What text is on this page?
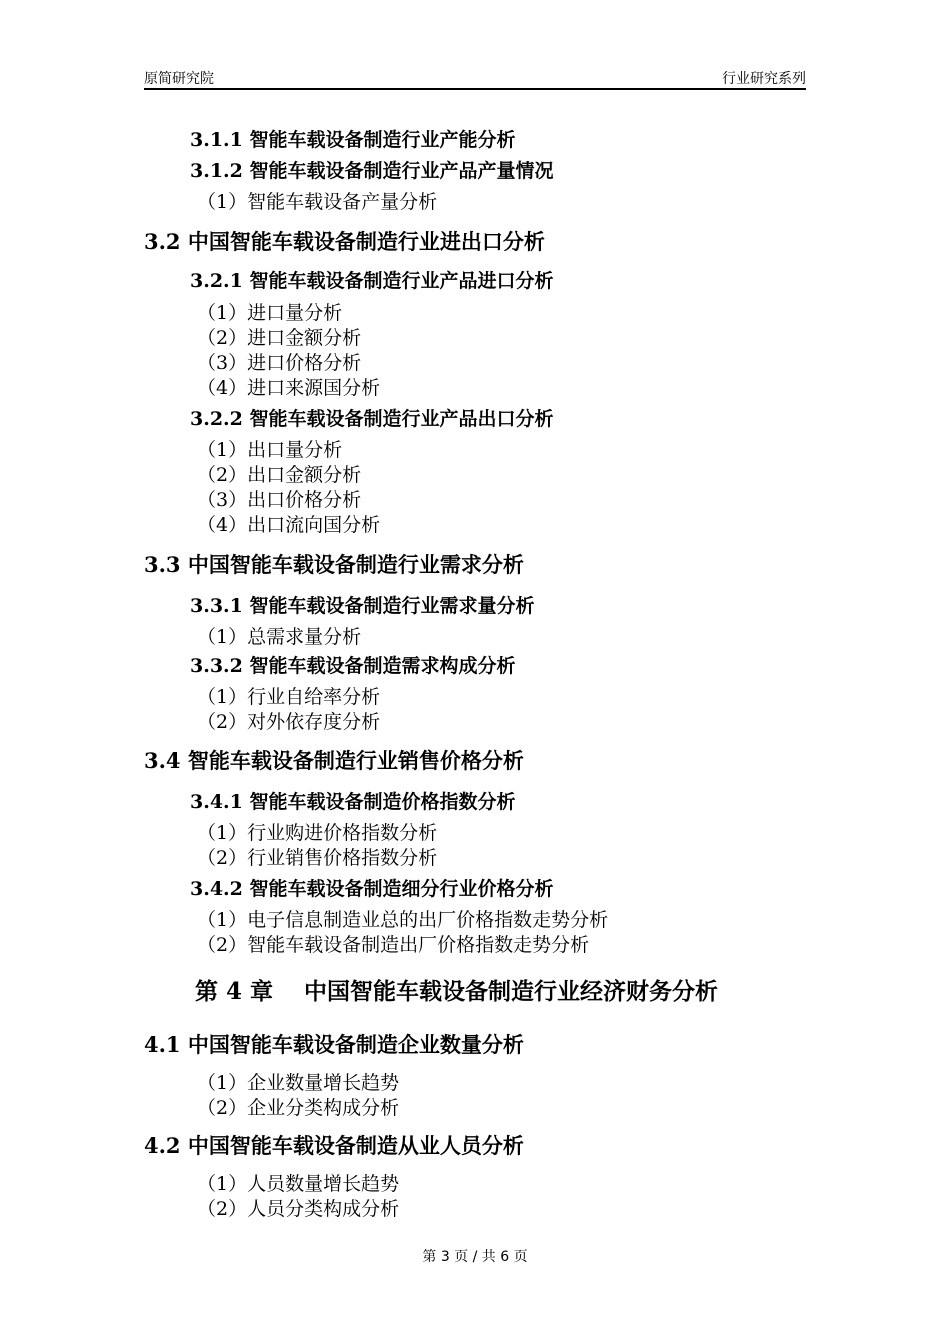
原简研究院	行业研究系列
3.1.1 智能车载设备制造行业产能分析
3.1.2 智能车载设备制造行业产品产量情况
（1）智能车载设备产量分析
3.2 中国智能车载设备制造行业进出口分析
3.2.1 智能车载设备制造行业产品进口分析
（1）进口量分析
（2）进口金额分析
（3）进口价格分析
（4）进口来源国分析
3.2.2 智能车载设备制造行业产品出口分析
（1）出口量分析
（2）出口金额分析
（3）出口价格分析
（4）出口流向国分析
3.3 中国智能车载设备制造行业需求分析
3.3.1 智能车载设备制造行业需求量分析
（1）总需求量分析
3.3.2 智能车载设备制造需求构成分析
（1）行业自给率分析
（2）对外依存度分析
3.4 智能车载设备制造行业销售价格分析
3.4.1 智能车载设备制造价格指数分析
（1）行业购进价格指数分析
（2）行业销售价格指数分析
3.4.2 智能车载设备制造细分行业价格分析
（1）电子信息制造业总的出厂价格指数走势分析
（2）智能车载设备制造出厂价格指数走势分析
第 4 章　 中国智能车载设备制造行业经济财务分析
4.1 中国智能车载设备制造企业数量分析
（1）企业数量增长趋势
（2）企业分类构成分析
4.2 中国智能车载设备制造从业人员分析
（1）人员数量增长趋势
（2）人员分类构成分析
第 3 页 / 共 6 页
